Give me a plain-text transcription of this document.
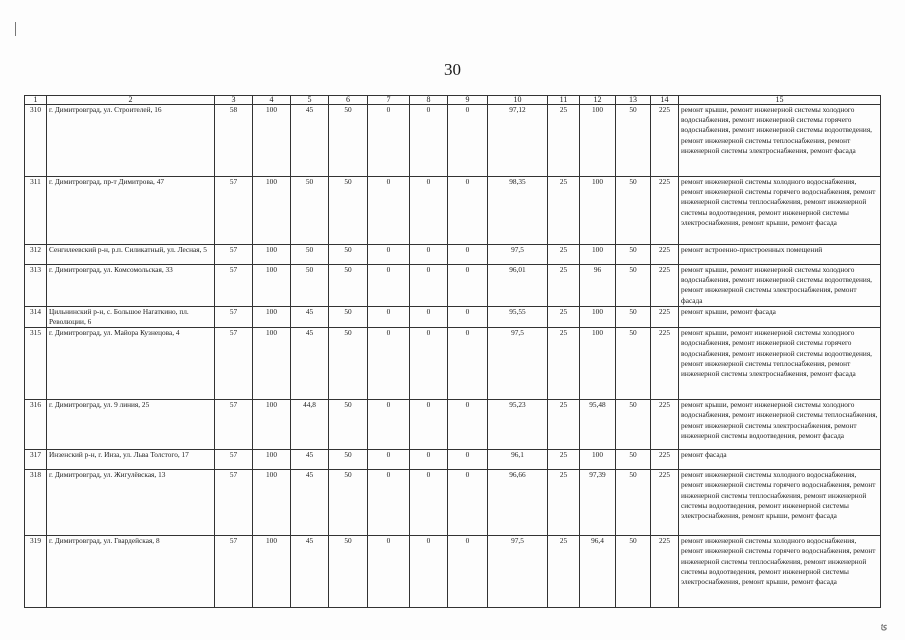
30
1	2	3	4	5	6	7	8	9	10	11	12	13	14	15
310	г. Димитровград, ул. Строителей, 16	58	100	45	50	0	0	0	97,12	25	100	50	225	ремонт крыши, ремонт инженерной системы холодного водоснабжения, ремонт инженерной системы горячего водоснабжения, ремонт инженерной системы водоотведения, ремонт инженерной системы теплоснабжения, ремонт инженерной системы электроснабжения, ремонт фасада
311	г. Димитровград, пр-т Димитрова, 47	57	100	50	50	0	0	0	98,35	25	100	50	225	ремонт инженерной системы холодного водоснабжения, ремонт инженерной системы горячего водоснабжения, ремонт инженерной системы теплоснабжения, ремонт инженерной системы водоотведения, ремонт инженерной системы электроснабжения, ремонт крыши, ремонт фасада
312	Сенгилеевский р-н, р.п. Силикатный, ул. Лесная, 5	57	100	50	50	0	0	0	97,5	25	100	50	225	ремонт встроенно-пристроенных помещений
313	г. Димитровград, ул. Комсомольская, 33	57	100	50	50	0	0	0	96,01	25	96	50	225	ремонт крыши, ремонт инженерной системы холодного водоснабжения, ремонт инженерной системы водоотведения, ремонт инженерной системы электроснабжения, ремонт фасада
314	Цильнинский р-н, с. Большое Нагаткино, пл. Революции, 6	57	100	45	50	0	0	0	95,55	25	100	50	225	ремонт крыши, ремонт фасада
315	г. Димитровград, ул. Майора Кузнецова, 4	57	100	45	50	0	0	0	97,5	25	100	50	225	ремонт крыши, ремонт инженерной системы холодного водоснабжения, ремонт инженерной системы горячего водоснабжения, ремонт инженерной системы водоотведения, ремонт инженерной системы теплоснабжения, ремонт инженерной системы электроснабжения, ремонт фасада
316	г. Димитровград, ул. 9 линия, 25	57	100	44,8	50	0	0	0	95,23	25	95,48	50	225	ремонт крыши, ремонт инженерной системы холодного водоснабжения, ремонт инженерной системы теплоснабжения, ремонт инженерной системы электроснабжения, ремонт инженерной системы водоотведения, ремонт фасада
317	Инзенский р-н, г. Инза, ул. Льва Толстого, 17	57	100	45	50	0	0	0	96,1	25	100	50	225	ремонт фасада
318	г. Димитровград, ул. Жигулёвская, 13	57	100	45	50	0	0	0	96,66	25	97,39	50	225	ремонт инженерной системы холодного водоснабжения, ремонт инженерной системы горячего водоснабжения, ремонт инженерной системы теплоснабжения, ремонт инженерной системы водоотведения, ремонт инженерной системы электроснабжения, ремонт крыши, ремонт фасада
319	г. Димитровград, ул. Гвардейская, 8	57	100	45	50	0	0	0	97,5	25	96,4	50	225	ремонт инженерной системы холодного водоснабжения, ремонт инженерной системы горячего водоснабжения, ремонт инженерной системы теплоснабжения, ремонт инженерной системы водоотведения, ремонт инженерной системы электроснабжения, ремонт крыши, ремонт фасада
ؿ
